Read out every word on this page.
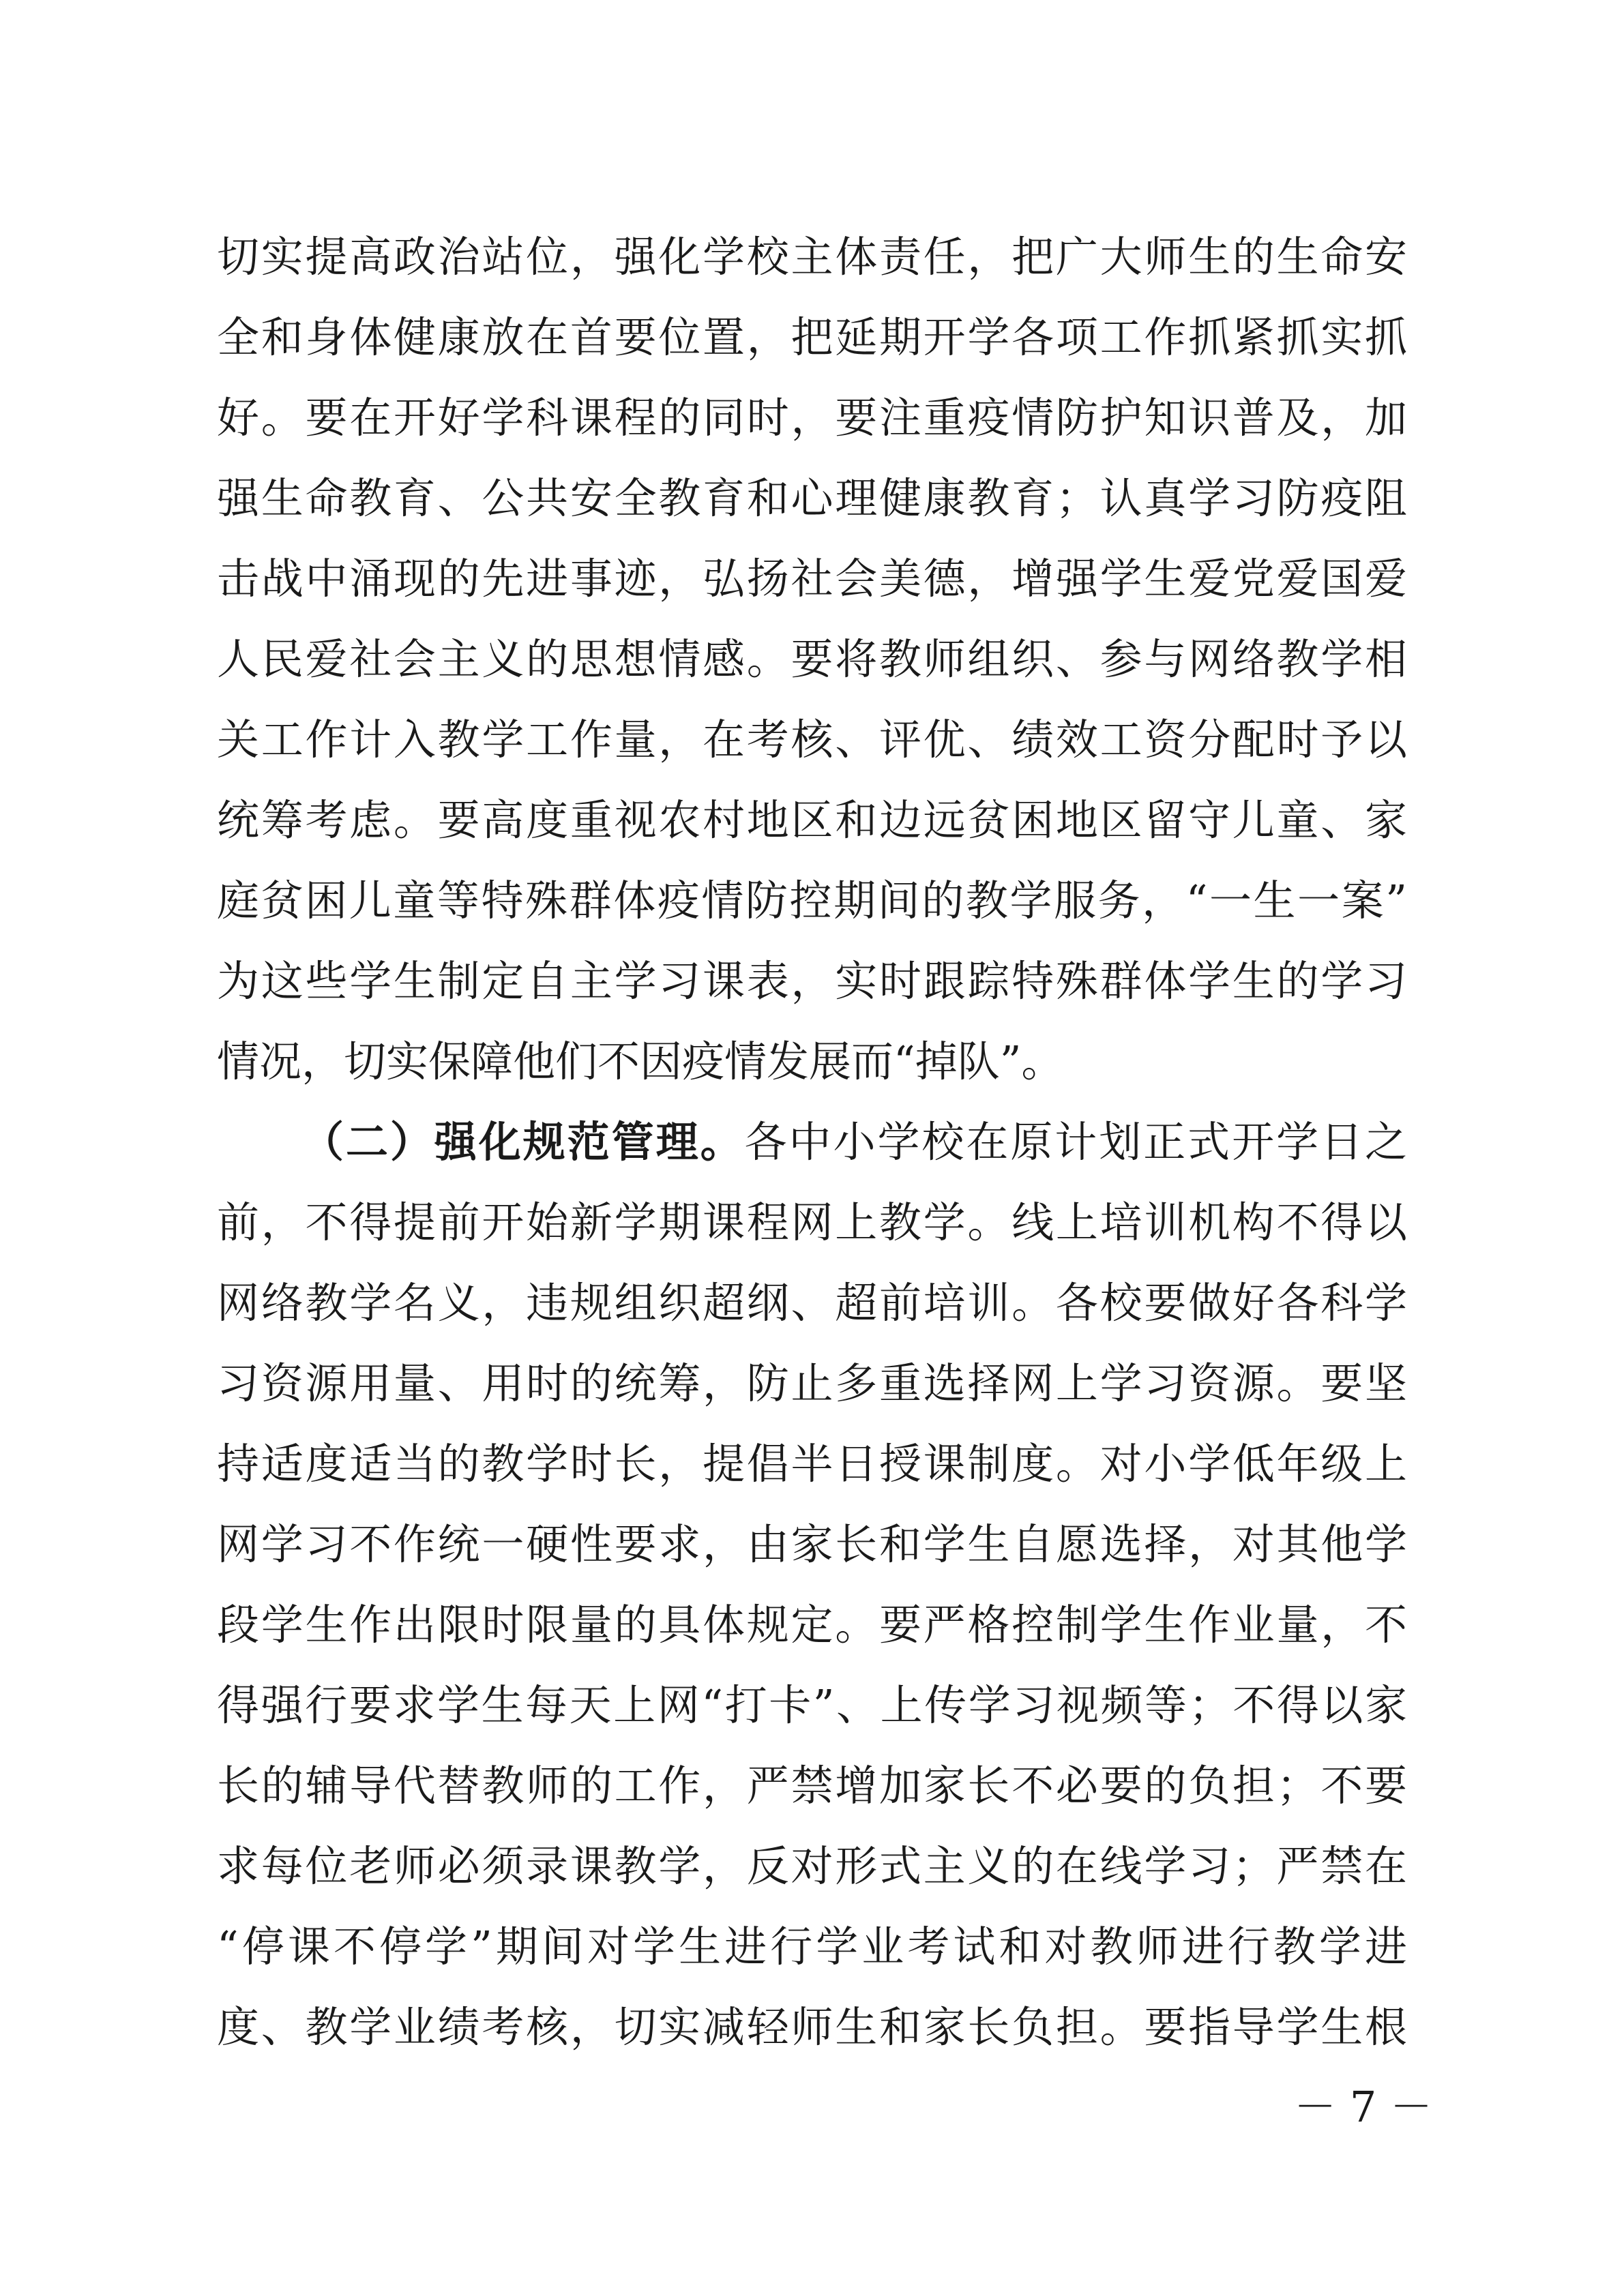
切实提高政治站位，强化学校主体责任，把广大师生的生命安
全和身体健康放在首要位置，把延期开学各项工作抓紧抓实抓
好。要在开好学科课程的同时，要注重疫情防护知识普及，加
强生命教育、公共安全教育和心理健康教育；认真学习防疫阻
击战中涌现的先进事迹，弘扬社会美德，增强学生爱党爱国爱
人民爱社会主义的思想情感。要将教师组织、参与网络教学相
关工作计入教学工作量，在考核、评优、绩效工资分配时予以
统筹考虑。要高度重视农村地区和边远贫困地区留守儿童、家
庭贫困儿童等特殊群体疫情防控期间的教学服务，“一生一案”
为这些学生制定自主学习课表，实时跟踪特殊群体学生的学习
情况，切实保障他们不因疫情发展而“掉队”。
（二）强化规范管理。各中小学校在原计划正式开学日之
前，不得提前开始新学期课程网上教学。线上培训机构不得以
网络教学名义，违规组织超纲、超前培训。各校要做好各科学
习资源用量、用时的统筹，防止多重选择网上学习资源。要坚
持适度适当的教学时长，提倡半日授课制度。对小学低年级上
网学习不作统一硬性要求，由家长和学生自愿选择，对其他学
段学生作出限时限量的具体规定。要严格控制学生作业量，不
得强行要求学生每天上网“打卡”、上传学习视频等；不得以家
长的辅导代替教师的工作，严禁增加家长不必要的负担；不要
求每位老师必须录课教学，反对形式主义的在线学习；严禁在
“停课不停学”期间对学生进行学业考试和对教师进行教学进
度、教学业绩考核，切实减轻师生和家长负担。要指导学生根
－ 7 －
